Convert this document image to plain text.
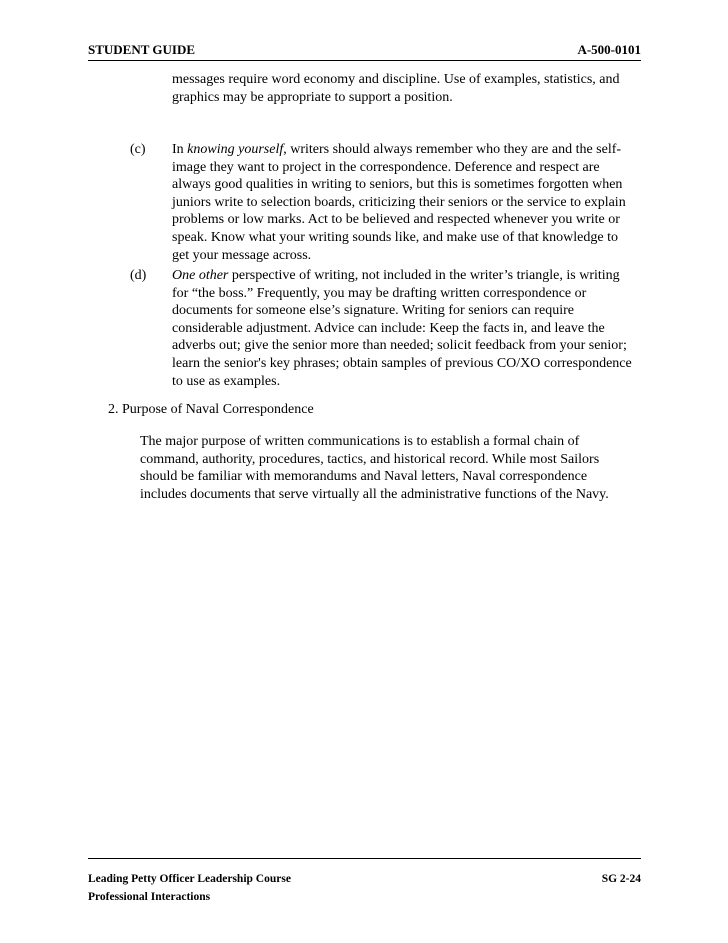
STUDENT GUIDE	A-500-0101
messages require word economy and discipline. Use of examples, statistics, and
graphics may be appropriate to support a position.
(c) In knowing yourself, writers should always remember who they are and the self-
image they want to project in the correspondence. Deference and respect are
always good qualities in writing to seniors, but this is sometimes forgotten when
juniors write to selection boards, criticizing their seniors or the service to explain
problems or low marks. Act to be believed and respected whenever you write or
speak. Know what your writing sounds like, and make use of that knowledge to
get your message across.
(d) One other perspective of writing, not included in the writer’s triangle, is writing
for “the boss.” Frequently, you may be drafting written correspondence or
documents for someone else’s signature. Writing for seniors can require
considerable adjustment. Advice can include: Keep the facts in, and leave the
adverbs out; give the senior more than needed; solicit feedback from your senior;
learn the senior's key phrases; obtain samples of previous CO/XO correspondence
to use as examples.
2. Purpose of Naval Correspondence
The major purpose of written communications is to establish a formal chain of
command, authority, procedures, tactics, and historical record. While most Sailors
should be familiar with memorandums and Naval letters, Naval correspondence
includes documents that serve virtually all the administrative functions of the Navy.
Leading Petty Officer Leadership Course
Professional Interactions
SG 2-24
